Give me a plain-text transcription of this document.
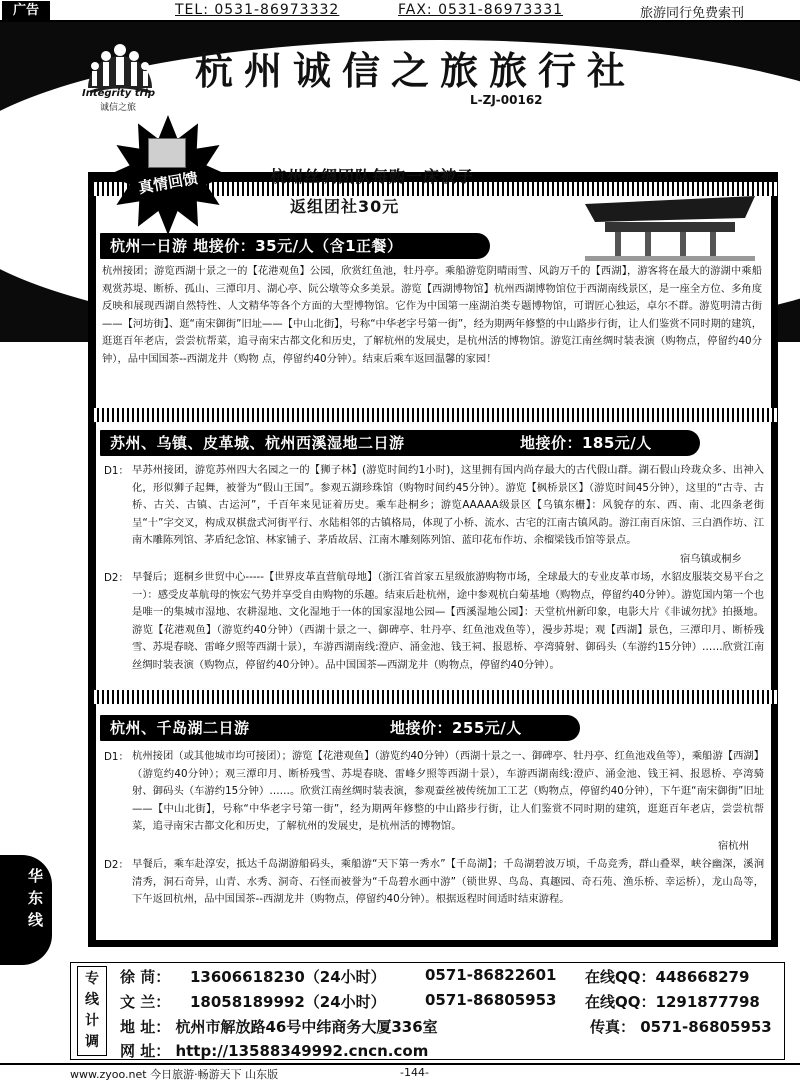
广告	TEL: 0531-86973332	FAX: 0531-86973331	旅游同行免费索刊
Integrity trip
诚信之旅
杭州诚信之旅旅行社
L-ZJ-00162
诚信之旅 贴心服务
真情回馈	杭州丝绸团队每购一床被子
返组团社30元
杭州一日游 地接价：35元/人（含1正餐）
杭州接团；游览西湖十景之一的【花港观鱼】公园，欣赏红鱼池，牡丹亭。乘船游览阴晴雨雪、风韵万千的【西湖】，游客将在最大的游湖中乘船观赏苏堤、断桥、孤山、三潭印月、湖心亭、阮公墩等众多美景。游览【西湖博物馆】杭州西湖博物馆位于西湖南线景区，是一座全方位、多角度反映和展现西湖自然特性、人文精华等各个方面的大型博物馆。它作为中国第一座湖泊类专题博物馆，可谓匠心独运，卓尔不群。游览明清古街——【河坊街】、逛“南宋御街”旧址——【中山北街】，号称“中华老字号第一街”，经为期两年修整的中山路步行街，让人们鉴赏不同时期的建筑，逛逛百年老店，尝尝杭帮菜，追寻南宋古都文化和历史，了解杭州的发展史，是杭州活的博物馆。游览江南丝绸时装表演（购物点，停留约40分钟），品中国国茶--西湖龙井（购物 点，停留约40分钟）。结束后乘车返回温馨的家园！
苏州、乌镇、皮革城、杭州西溪湿地二日游	地接价：185元/人
D1： 早苏州接团，游览苏州四大名园之一的【狮子林】(游览时间约1小时)，这里拥有国内尚存最大的古代假山群。湖石假山玲珑众多、出神入化，形似狮子起舞，被誉为“假山王国”。参观五湖珍珠馆（购物时间约45分钟）。游览【枫桥景区】（游览时间45分钟），这里的“古寺、古桥、古关、古镇、古运河”，千百年来见证着历史。乘车赴桐乡；游览AAAAA级景区【乌镇东栅】：风貌存的东、西、南、北四条老街呈“十”字交叉，构成双棋盘式河街平行、水陆相邻的古镇格局，体现了小桥、流水、古宅的江南古镇风韵。游江南百床馆、三白酒作坊、江南木雕陈列馆、茅盾纪念馆、林家铺子、茅盾故居、江南木雕刻陈列馆、蓝印花布作坊、余榴梁钱币馆等景点。
宿乌镇或桐乡
D2： 早餐后；逛桐乡世贸中心-----【世界皮革直营航母地】（浙江省首家五星级旅游购物市场，全球最大的专业皮革市场，水貂皮服装交易平台之一）：感受皮革航母的恢宏气势并享受自由购物的乐趣。结束后赴杭州，途中参观杭白菊基地（购物点，停留约40分钟）。游览国内第一个也是唯一的集城市湿地、农耕湿地、文化湿地于一体的国家湿地公园—【西溪湿地公园】：天堂杭州新印象，电影大片《非诚勿扰》拍摄地。游览【花港观鱼】（游览约40分钟）（西湖十景之一、御碑亭、牡丹亭、红鱼池戏鱼等），漫步苏堤；观【西湖】景色，三潭印月、断桥残雪、苏堤春晓、雷峰夕照等西湖十景），车游西湖南线:澄庐、涌金池、钱王祠、报恩桥、亭湾骑射、御码头（车游约15分钟）……欣赏江南丝绸时装表演（购物点，停留约40分钟）。品中国国茶—西湖龙井（购物点，停留约40分钟）。
杭州、千岛湖二日游	地接价：255元/人
D1： 杭州接团（或其他城市均可接团）；游览【花港观鱼】（游览约40分钟）（西湖十景之一、御碑亭、牡丹亭、红鱼池戏鱼等），乘船游【西湖】（游览约40分钟）；观三潭印月、断桥残雪、苏堤春晓、雷峰夕照等西湖十景），车游西湖南线:澄庐、涌金池、钱王祠、报恩桥、亭湾骑射、御码头（车游约15分钟）……。欣赏江南丝绸时装表演，参观蚕丝被传统加工工艺（购物点，停留约40分钟），下午逛“南宋御街”旧址——【中山北街】，号称“中华老字号第一街”，经为期两年修整的中山路步行街，让人们鉴赏不同时期的建筑，逛逛百年老店，尝尝杭帮菜，追寻南宋古都文化和历史，了解杭州的发展史，是杭州活的博物馆。
宿杭州
D2： 早餐后，乘车赴淳安，抵达千岛湖游船码头，乘船游“天下第一秀水”【千岛湖】；千岛湖碧波万顷，千岛竞秀，群山叠翠，峡谷幽深，溪涧清秀，洞石奇异，山青、水秀、洞奇、石怪而被誉为“千岛碧水画中游”（锁世界、鸟岛、真趣园、奇石苑、渔乐桥、幸运桥），龙山岛等，下午返回杭州，品中国国茶--西湖龙井（购物点，停留约40分钟）。根据返程时间适时结束游程。
华东线
专线计调
徐 苘： 13606618230（24小时）	0571-86822601 在线QQ：448668279
文 兰： 18058189992（24小时）	0571-86805953 在线QQ：1291877798
地 址： 杭州市解放路46号中纬商务大厦336室	传真： 0571-86805953
网 址： http://13588349992.cncn.com
www.zyoo.net 今日旅游·畅游天下 山东版	-144-
